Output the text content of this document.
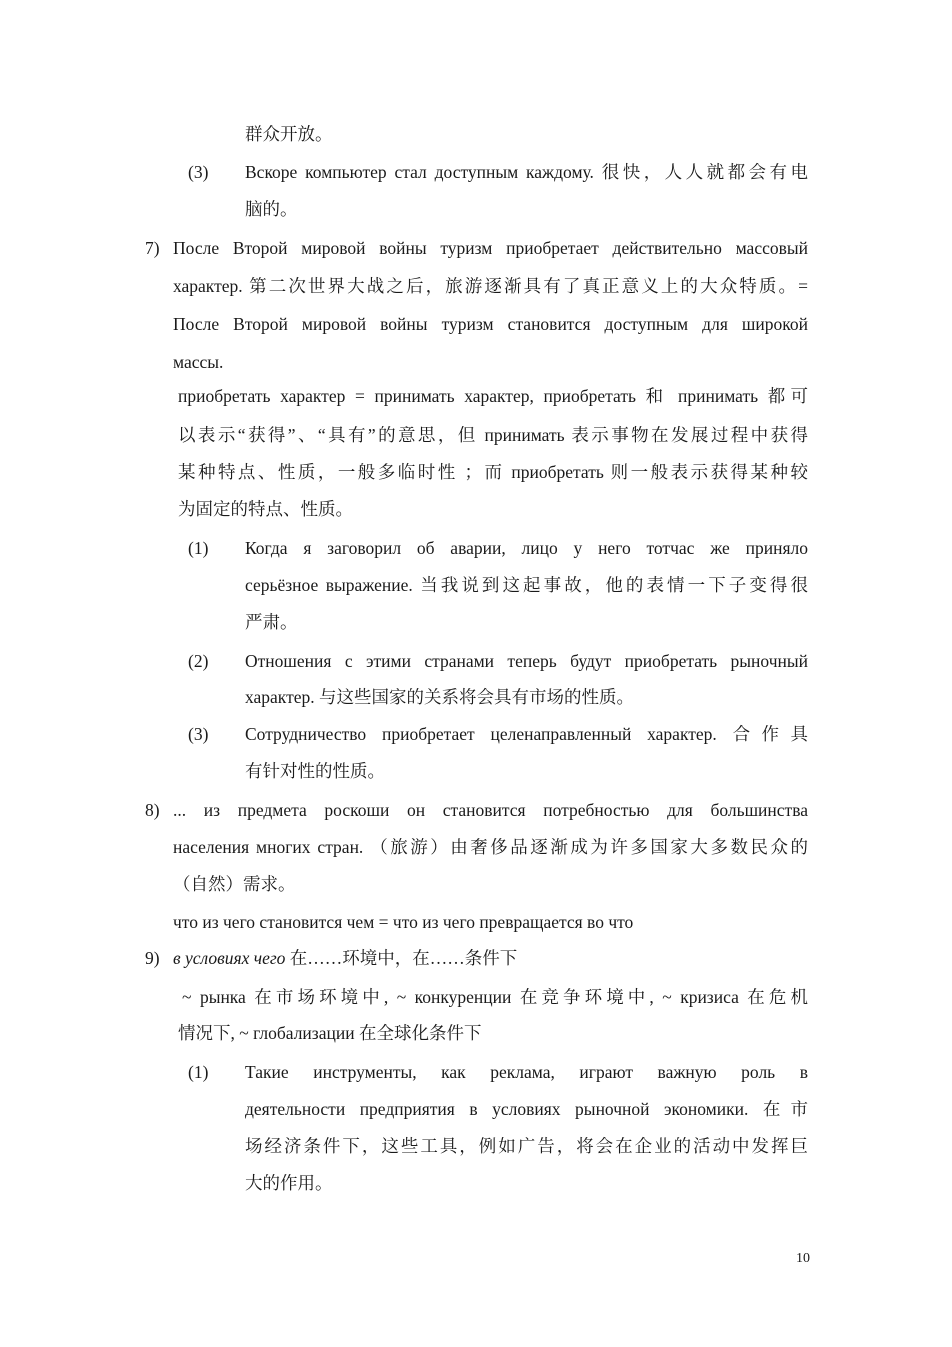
群众开放。
(3) Вскоре компьютер стал доступным каждому. 很快，人人就都会有电
脑的。
7) После Второй мировой войны туризм приобретает действительно массовый
характер. 第二次世界大战之后，旅游逐渐具有了真正意义上的大众特质。=
После Второй мировой войны туризм становится доступным для широкой
массы.
приобретать характер = принимать характер, приобретать 和 принимать 都可
以表示“获得”、“具有”的意思，但 принимать 表示事物在发展过程中获得
某种特点、性质，一般多临时性 ；而 приобретать 则一般表示获得某种较
为固定的特点、性质。
(1) Когда я заговорил об аварии, лицо у него тотчас же приняло
серьёзное выражение. 当我说到这起事故，他的表情一下子变得很
严肃。
(2) Отношения с этими странами теперь будут приобретать рыночный
характер. 与这些国家的关系将会具有市场的性质。
(3) Сотрудничество приобретает целенаправленный характер. 合作具
有针对性的性质。
8) ... из предмета роскоши он становится потребностью для большинства
населения многих стран. （旅游）由奢侈品逐渐成为许多国家大多数民众的
（自然）需求。
что из чего становится чем = что из чего превращается во что
9) в условиях чего 在……环境中，在……条件下
~ рынка 在市场环境中, ~ конкуренции 在竞争环境中, ~ кризиса 在危机
情况下, ~ глобализации 在全球化条件下
(1) Такие инструменты, как реклама, играют важную роль в
деятельности предприятия в условиях рыночной экономики. 在市
场经济条件下，这些工具，例如广告，将会在企业的活动中发挥巨
大的作用。
10
